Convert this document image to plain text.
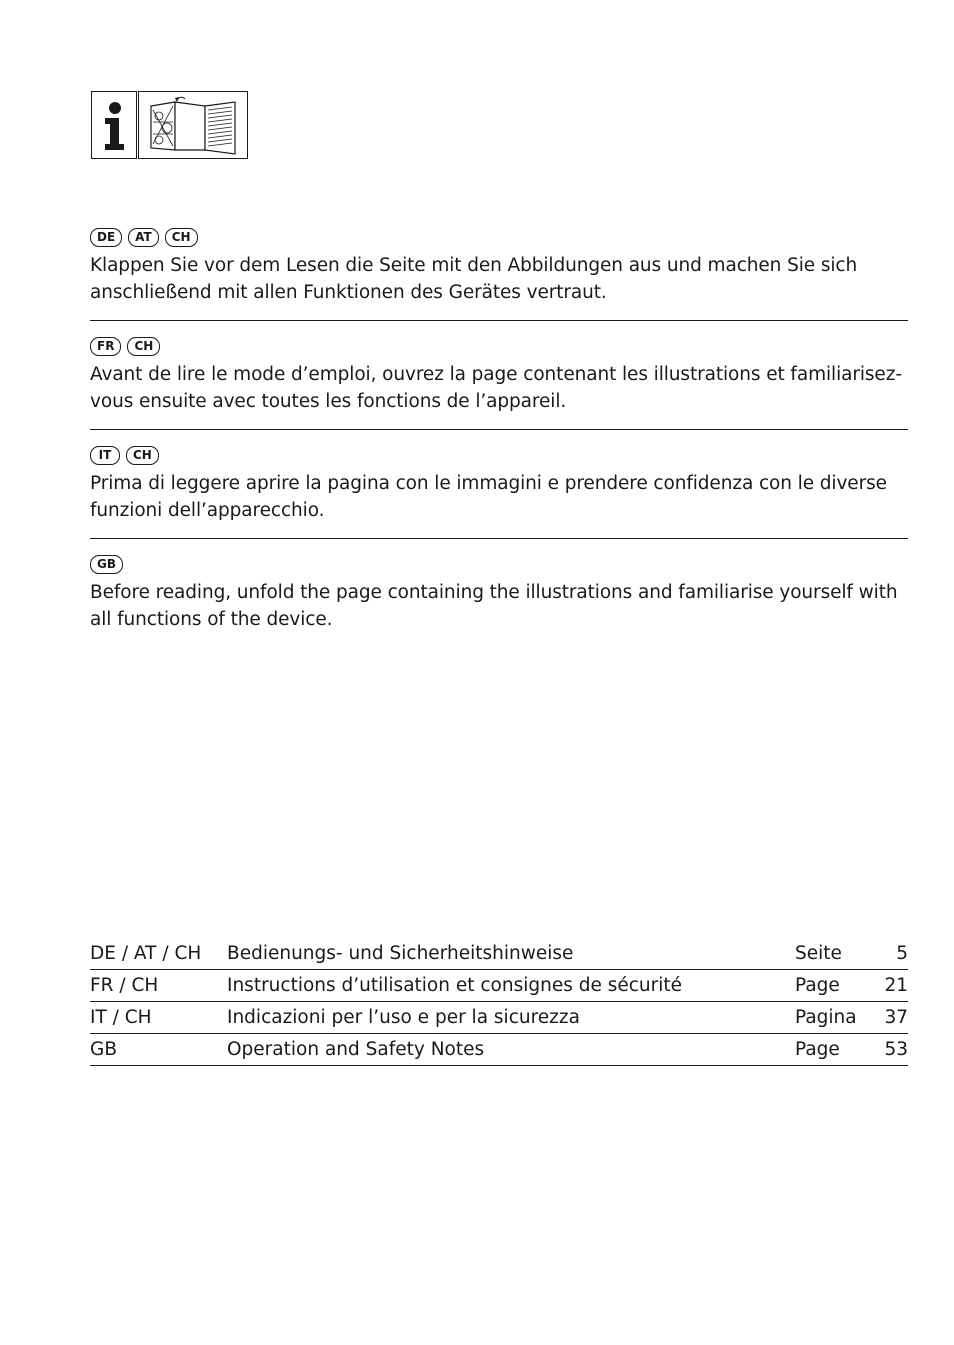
DE	AT	CH

Klappen Sie vor dem Lesen die Seite mit den Abbildungen aus und machen Sie sich anschließend mit allen Funktionen des Gerätes vertraut.

FR	CH

Avant de lire le mode d’emploi, ouvrez la page contenant les illustrations et familiarisez-vous ensuite avec toutes les fonctions de l’appareil.

IT	CH

Prima di leggere aprire la pagina con le immagini e prendere confidenza con le diverse funzioni dell’apparecchio.

GB

Before reading, unfold the page containing the illustrations and familiarise yourself with all functions of the device.

DE / AT / CH	Bedienungs- und Sicherheitshinweise	Seite	5
FR / CH	Instructions d’utilisation et consignes de sécurité	Page	21
IT / CH	Indicazioni per l’uso e per la sicurezza	Pagina	37
GB	Operation and Safety Notes	Page	53
